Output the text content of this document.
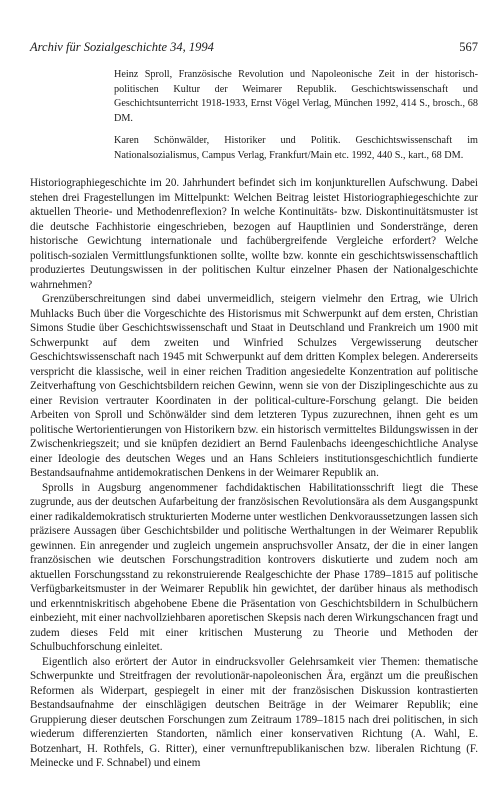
Archiv für Sozialgeschichte 34, 1994	567

Heinz Sproll, Französische Revolution und Napoleonische Zeit in der historisch-politischen Kultur der Weimarer Republik. Geschichtswissenschaft und Geschichtsunterricht 1918-1933, Ernst Vögel Verlag, München 1992, 414 S., brosch., 68 DM.

Karen Schönwälder, Historiker und Politik. Geschichtswissenschaft im Nationalsozialismus, Campus Verlag, Frankfurt/Main etc. 1992, 440 S., kart., 68 DM.

Historiographiegeschichte im 20. Jahrhundert befindet sich im konjunkturellen Aufschwung. Dabei stehen drei Fragestellungen im Mittelpunkt: Welchen Beitrag leistet Historiographiegeschichte zur aktuellen Theorie- und Methodenreflexion? In welche Kontinuitäts- bzw. Diskontinuitätsmuster ist die deutsche Fachhistorie eingeschrieben, bezogen auf Hauptlinien und Sonderstränge, deren historische Gewichtung internationale und fachübergreifende Vergleiche erfordert? Welche politisch-sozialen Vermittlungsfunktionen sollte, wollte bzw. konnte ein geschichtswissenschaftlich produziertes Deutungswissen in der politischen Kultur einzelner Phasen der Nationalgeschichte wahrnehmen?

Grenzüberschreitungen sind dabei unvermeidlich, steigern vielmehr den Ertrag, wie Ulrich Muhlacks Buch über die Vorgeschichte des Historismus mit Schwerpunkt auf dem ersten, Christian Simons Studie über Geschichtswissenschaft und Staat in Deutschland und Frankreich um 1900 mit Schwerpunkt auf dem zweiten und Winfried Schulzes Vergewisserung deutscher Geschichtswissenschaft nach 1945 mit Schwerpunkt auf dem dritten Komplex belegen. Andererseits verspricht die klassische, weil in einer reichen Tradition angesiedelte Konzentration auf politische Zeitverhaftung von Geschichtsbildern reichen Gewinn, wenn sie von der Disziplingeschichte aus zu einer Revision vertrauter Koordinaten in der political-culture-Forschung gelangt. Die beiden Arbeiten von Sproll und Schönwälder sind dem letzteren Typus zuzurechnen, ihnen geht es um politische Wertorientierungen von Historikern bzw. ein historisch vermitteltes Bildungswissen in der Zwischenkriegszeit; und sie knüpfen dezidiert an Bernd Faulenbachs ideengeschichtliche Analyse einer Ideologie des deutschen Weges und an Hans Schleiers institutionsgeschichtlich fundierte Bestandsaufnahme antidemokratischen Denkens in der Weimarer Republik an.

Sprolls in Augsburg angenommener fachdidaktischen Habilitationsschrift liegt die These zugrunde, aus der deutschen Aufarbeitung der französischen Revolutionsära als dem Ausgangspunkt einer radikaldemokratisch strukturierten Moderne unter westlichen Denkvoraussetzungen lassen sich präzisere Aussagen über Geschichtsbilder und politische Werthaltungen in der Weimarer Republik gewinnen. Ein anregender und zugleich ungemein anspruchsvoller Ansatz, der die in einer langen französischen wie deutschen Forschungstradition kontrovers diskutierte und zudem noch am aktuellen Forschungsstand zu rekonstruierende Realgeschichte der Phase 1789–1815 auf politische Verfügbarkeitsmuster in der Weimarer Republik hin gewichtet, der darüber hinaus als methodisch und erkenntniskritisch abgehobene Ebene die Präsentation von Geschichtsbildern in Schulbüchern einbezieht, mit einer nachvollziehbaren aporetischen Skepsis nach deren Wirkungschancen fragt und zudem dieses Feld mit einer kritischen Musterung zu Theorie und Methoden der Schulbuchforschung einleitet.

Eigentlich also erörtert der Autor in eindrucksvoller Gelehrsamkeit vier Themen: thematische Schwerpunkte und Streitfragen der revolutionär-napoleonischen Ära, ergänzt um die preußischen Reformen als Widerpart, gespiegelt in einer mit der französischen Diskussion kontrastierten Bestandsaufnahme der einschlägigen deutschen Beiträge in der Weimarer Republik; eine Gruppierung dieser deutschen Forschungen zum Zeitraum 1789–1815 nach drei politischen, in sich wiederum differenzierten Standorten, nämlich einer konservativen Richtung (A. Wahl, E. Botzenhart, H. Rothfels, G. Ritter), einer vernunftrepublikanischen bzw. liberalen Richtung (F. Meinecke und F. Schnabel) und einem
